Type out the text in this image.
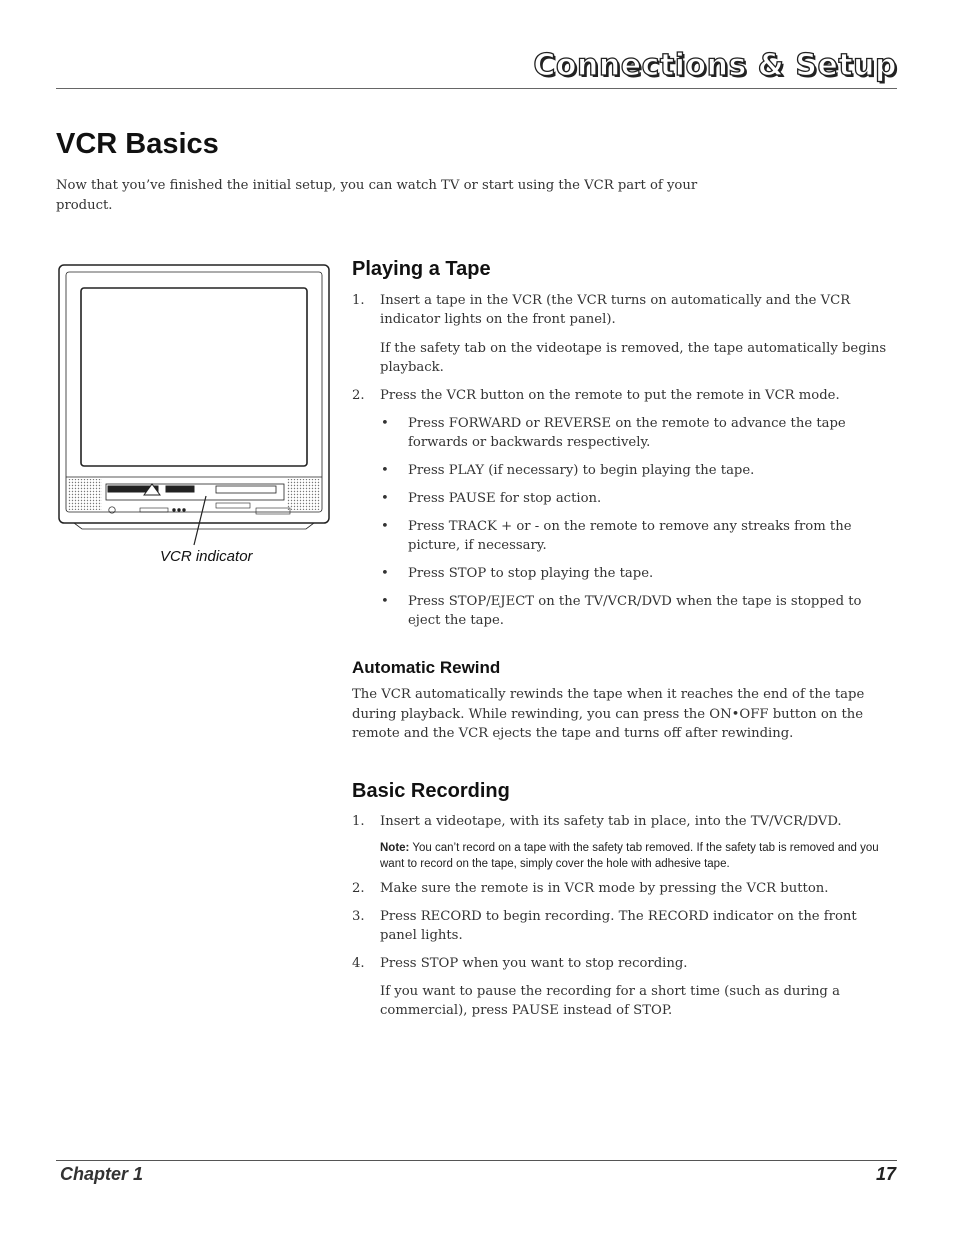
Connections & Setup
VCR Basics

Now that you’ve finished the initial setup, you can watch TV or start using the VCR part of your product.

VCR indicator
Playing a Tape

1. Insert a tape in the VCR (the VCR turns on automatically and the VCR indicator lights on the front panel).

If the safety tab on the videotape is removed, the tape automatically begins playback.

2. Press the VCR button on the remote to put the remote in VCR mode.

• Press FORWARD or REVERSE on the remote to advance the tape forwards or backwards respectively.

• Press PLAY (if necessary) to begin playing the tape.

• Press PAUSE for stop action.

• Press TRACK + or - on the remote to remove any streaks from the picture, if necessary.

• Press STOP to stop playing the tape.

• Press STOP/EJECT on the TV/VCR/DVD when the tape is stopped to eject the tape.

Automatic Rewind

The VCR automatically rewinds the tape when it reaches the end of the tape during playback. While rewinding, you can press the ON•OFF button on the remote and the VCR ejects the tape and turns off after rewinding.

Basic Recording

1. Insert a videotape, with its safety tab in place, into the TV/VCR/DVD.

Note: You can’t record on a tape with the safety tab removed. If the safety tab is removed and you want to record on the tape, simply cover the hole with adhesive tape.

2. Make sure the remote is in VCR mode by pressing the VCR button.

3. Press RECORD to begin recording. The RECORD indicator on the front panel lights.

4. Press STOP when you want to stop recording.

If you want to pause the recording for a short time (such as during a commercial), press PAUSE instead of STOP.

Chapter 1	17
